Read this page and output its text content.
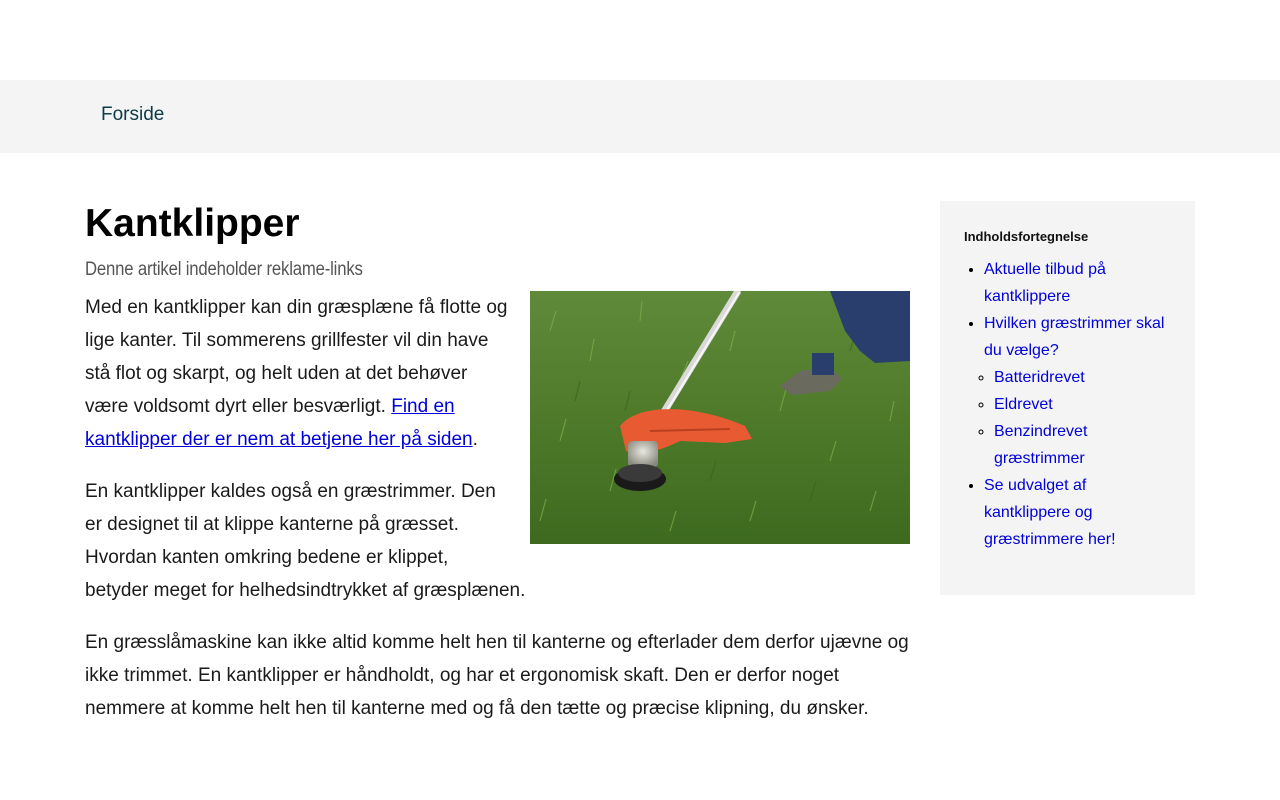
Forside
Kantklipper
Denne artikel indeholder reklame-links

Med en kantklipper kan din græsplæne få flotte og lige kanter. Til sommerens grillfester vil din have stå flot og skarpt, og helt uden at det behøver være voldsomt dyrt eller besværligt. Find en kantklipper der er nem at betjene her på siden.

En kantklipper kaldes også en græstrimmer. Den er designet til at klippe kanterne på græsset. Hvordan kanten omkring bedene er klippet, betyder meget for helhedsindtrykket af græsplænen.

En græsslåmaskine kan ikke altid komme helt hen til kanterne og efterlader dem derfor ujævne og ikke trimmet. En kantklipper er håndholdt, og har et ergonomisk skaft. Den er derfor noget nemmere at komme helt hen til kanterne med og få den tætte og præcise klipning, du ønsker.

Indholdsfortegnelse
• Aktuelle tilbud på kantklippere
• Hvilken græstrimmer skal du vælge?
◦ Batteridrevet
◦ Eldrevet
◦ Benzindrevet græstrimmer
• Se udvalget af kantklippere og græstrimmere her!
